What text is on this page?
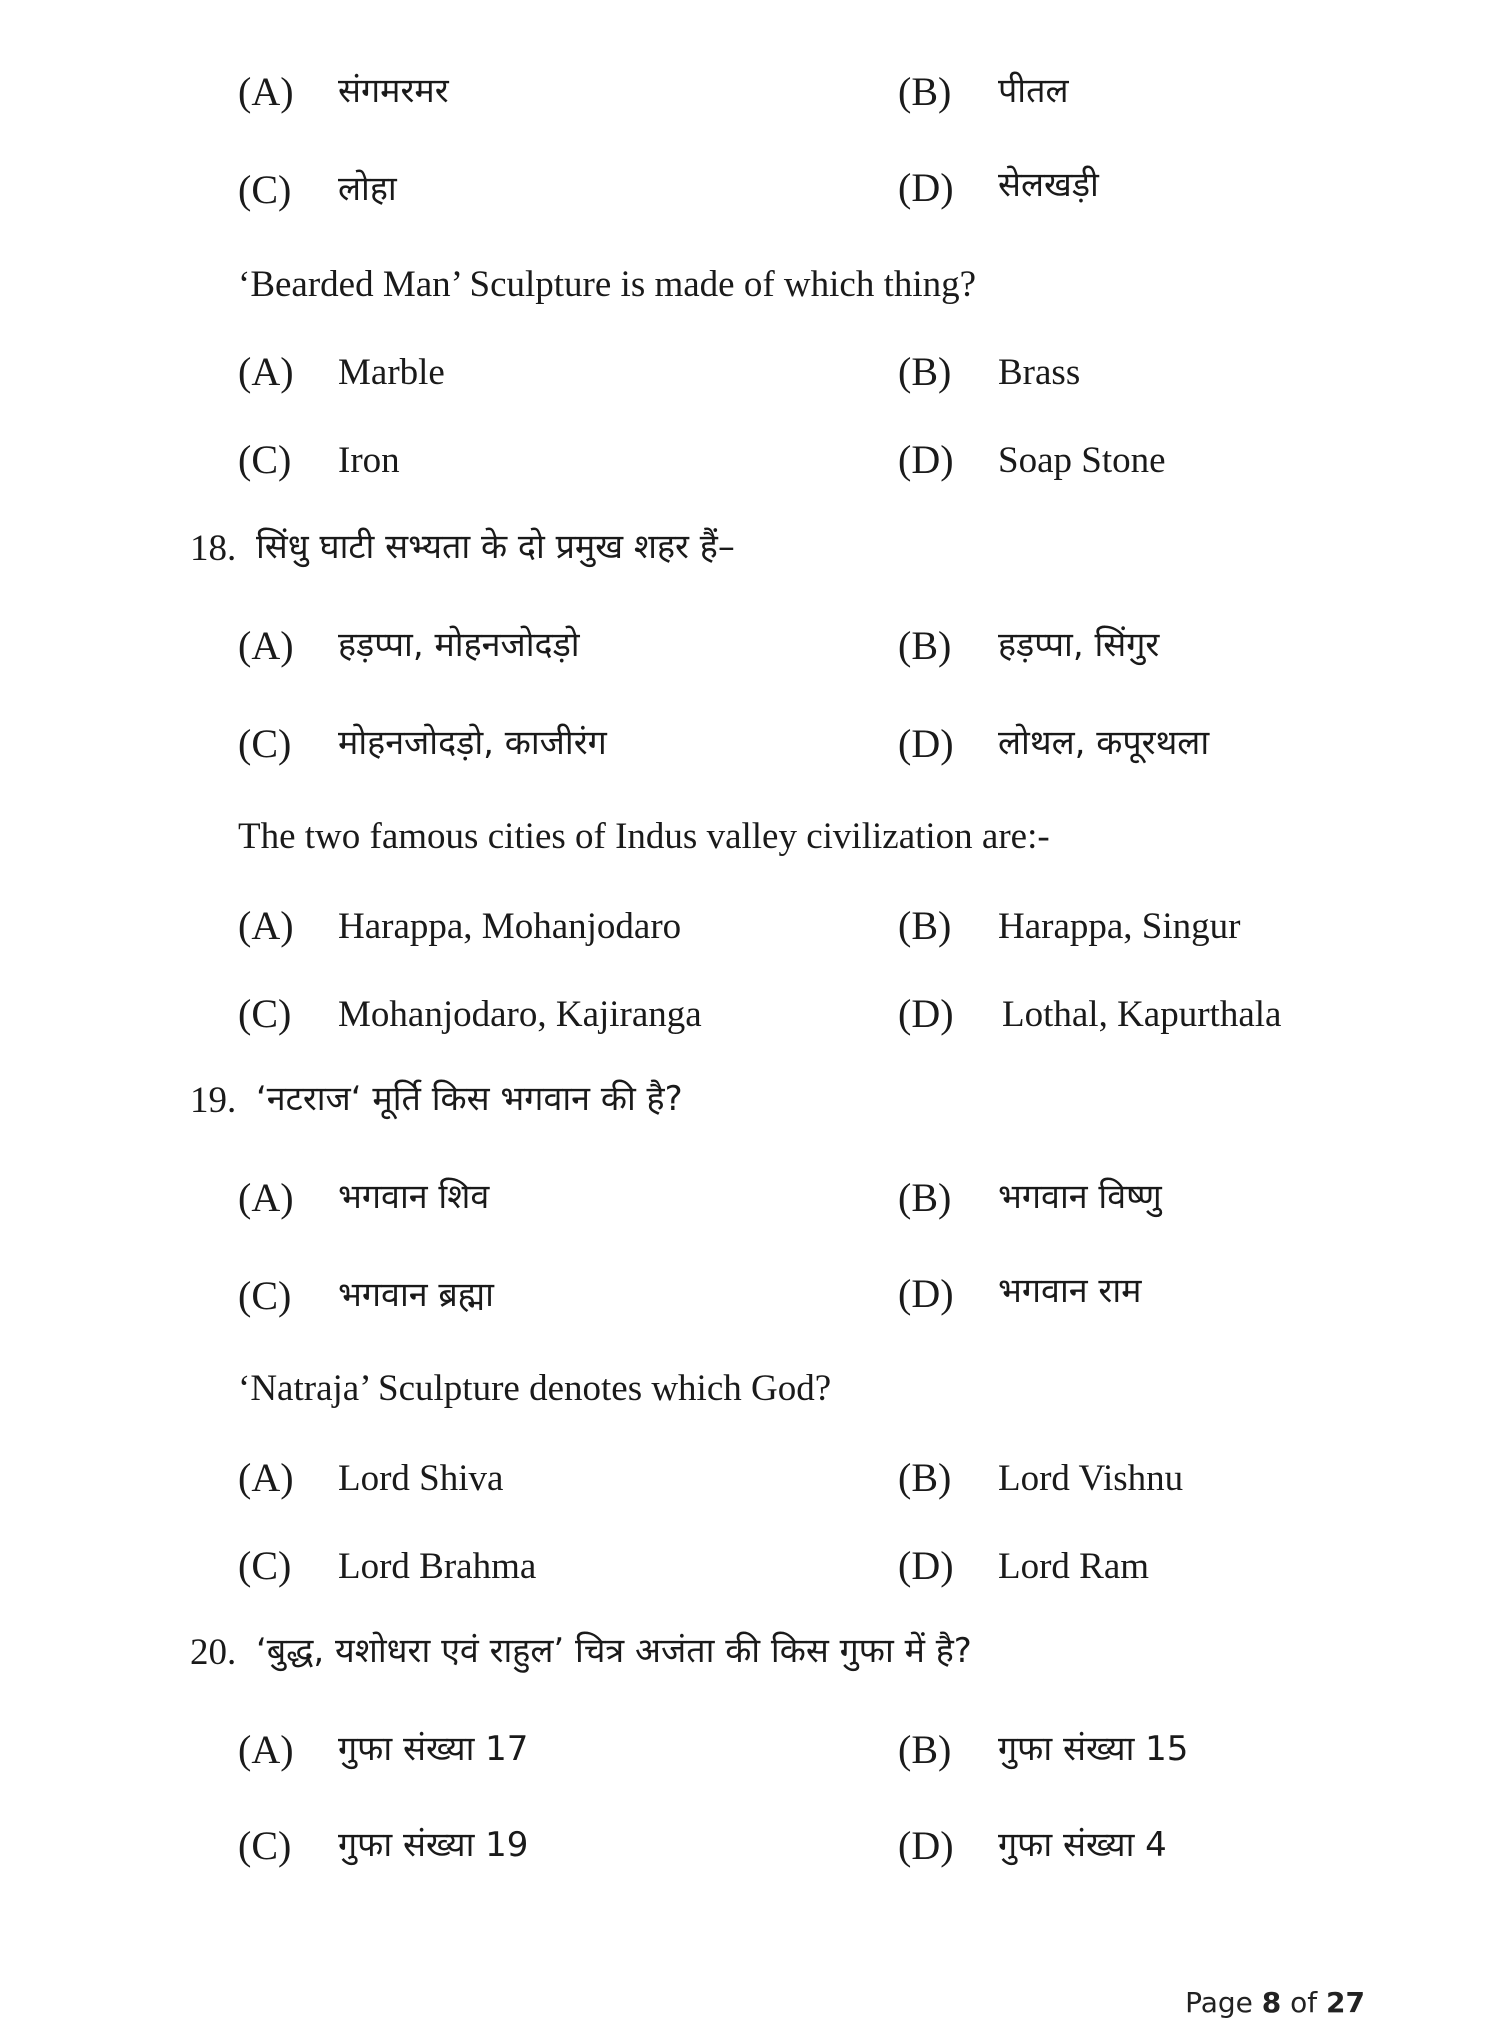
(A) संगमरमर	(B) पीतल
(C) लोहा	(D) सेलखड़ी
‘Bearded Man’ Sculpture is made of which thing?
(A) Marble	(B) Brass
(C) Iron	(D) Soap Stone
18. सिंधु घाटी सभ्यता के दो प्रमुख शहर हैं–
(A) हड़प्पा, मोहनजोदड़ो	(B) हड़प्पा, सिंगुर
(C) मोहनजोदड़ो, काजीरंग	(D) लोथल, कपूरथला
The two famous cities of Indus valley civilization are:-
(A) Harappa, Mohanjodaro	(B) Harappa, Singur
(C) Mohanjodaro, Kajiranga	(D) Lothal, Kapurthala
19. ‘नटराज‘ मूर्ति किस भगवान की है?
(A) भगवान शिव	(B) भगवान विष्णु
(C) भगवान ब्रह्मा	(D) भगवान राम
‘Natraja’ Sculpture denotes which God?
(A) Lord Shiva	(B) Lord Vishnu
(C) Lord Brahma	(D) Lord Ram
20. ‘बुद्ध, यशोधरा एवं राहुल’ चित्र अजंता की किस गुफा में है?
(A) गुफा संख्या 17	(B) गुफा संख्या 15
(C) गुफा संख्या 19	(D) गुफा संख्या 4
Page 8 of 27
